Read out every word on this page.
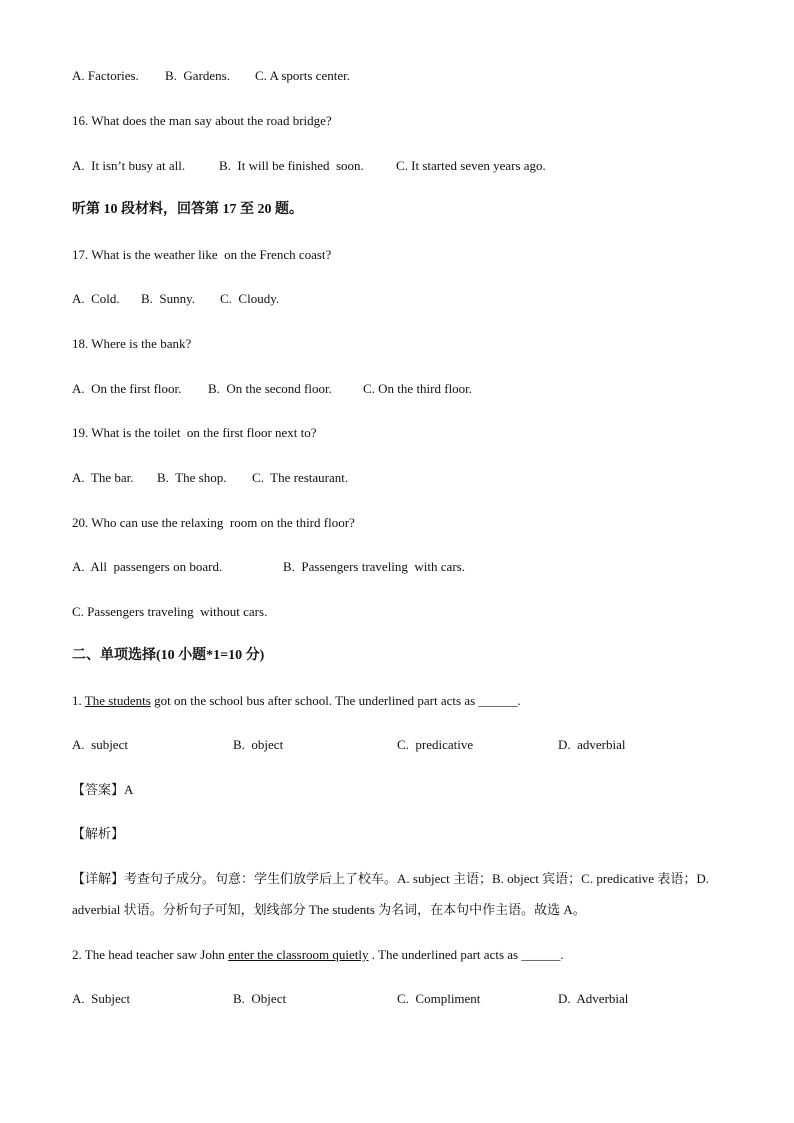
A. Factories. B.  Gardens. C. A sports center.
16. What does the man say about the road bridge?
A.  It isn’t busy at all.	B.  It will be finished  soon. C. It started seven years ago.
听第 10 段材料，回答第 17 至 20 题。
17. What is the weather like  on the French coast?
A.  Cold. B.  Sunny. C.  Cloudy.
18. Where is the bank?
A.  On the first floor. B.  On the second floor. C. On the third floor.
19. What is the toilet  on the first floor next to?
A.  The bar. B.  The shop. C.  The restaurant.
20. Who can use the relaxing  room on the third floor?
A.  All  passengers on board.	B.  Passengers traveling  with cars.
C. Passengers traveling  without cars.
二、单项选择(10 小题*1=10 分)
1. The students got on the school bus after school. The underlined part acts as ______.
A.  subject	B.  object	C.  predicative	D.  adverbial
【答案】A
【解析】
【详解】考查句子成分。句意：学生们放学后上了校车。A. subject 主语；B. object 宾语；C. predicative 表语；D. adverbial 状语。分析句子可知，划线部分 The students 为名词，在本句中作主语。故选 A。
2. The head teacher saw John enter the classroom quietly . The underlined part acts as ______.
A.  Subject	B.  Object	C.  Compliment	D.  Adverbial
